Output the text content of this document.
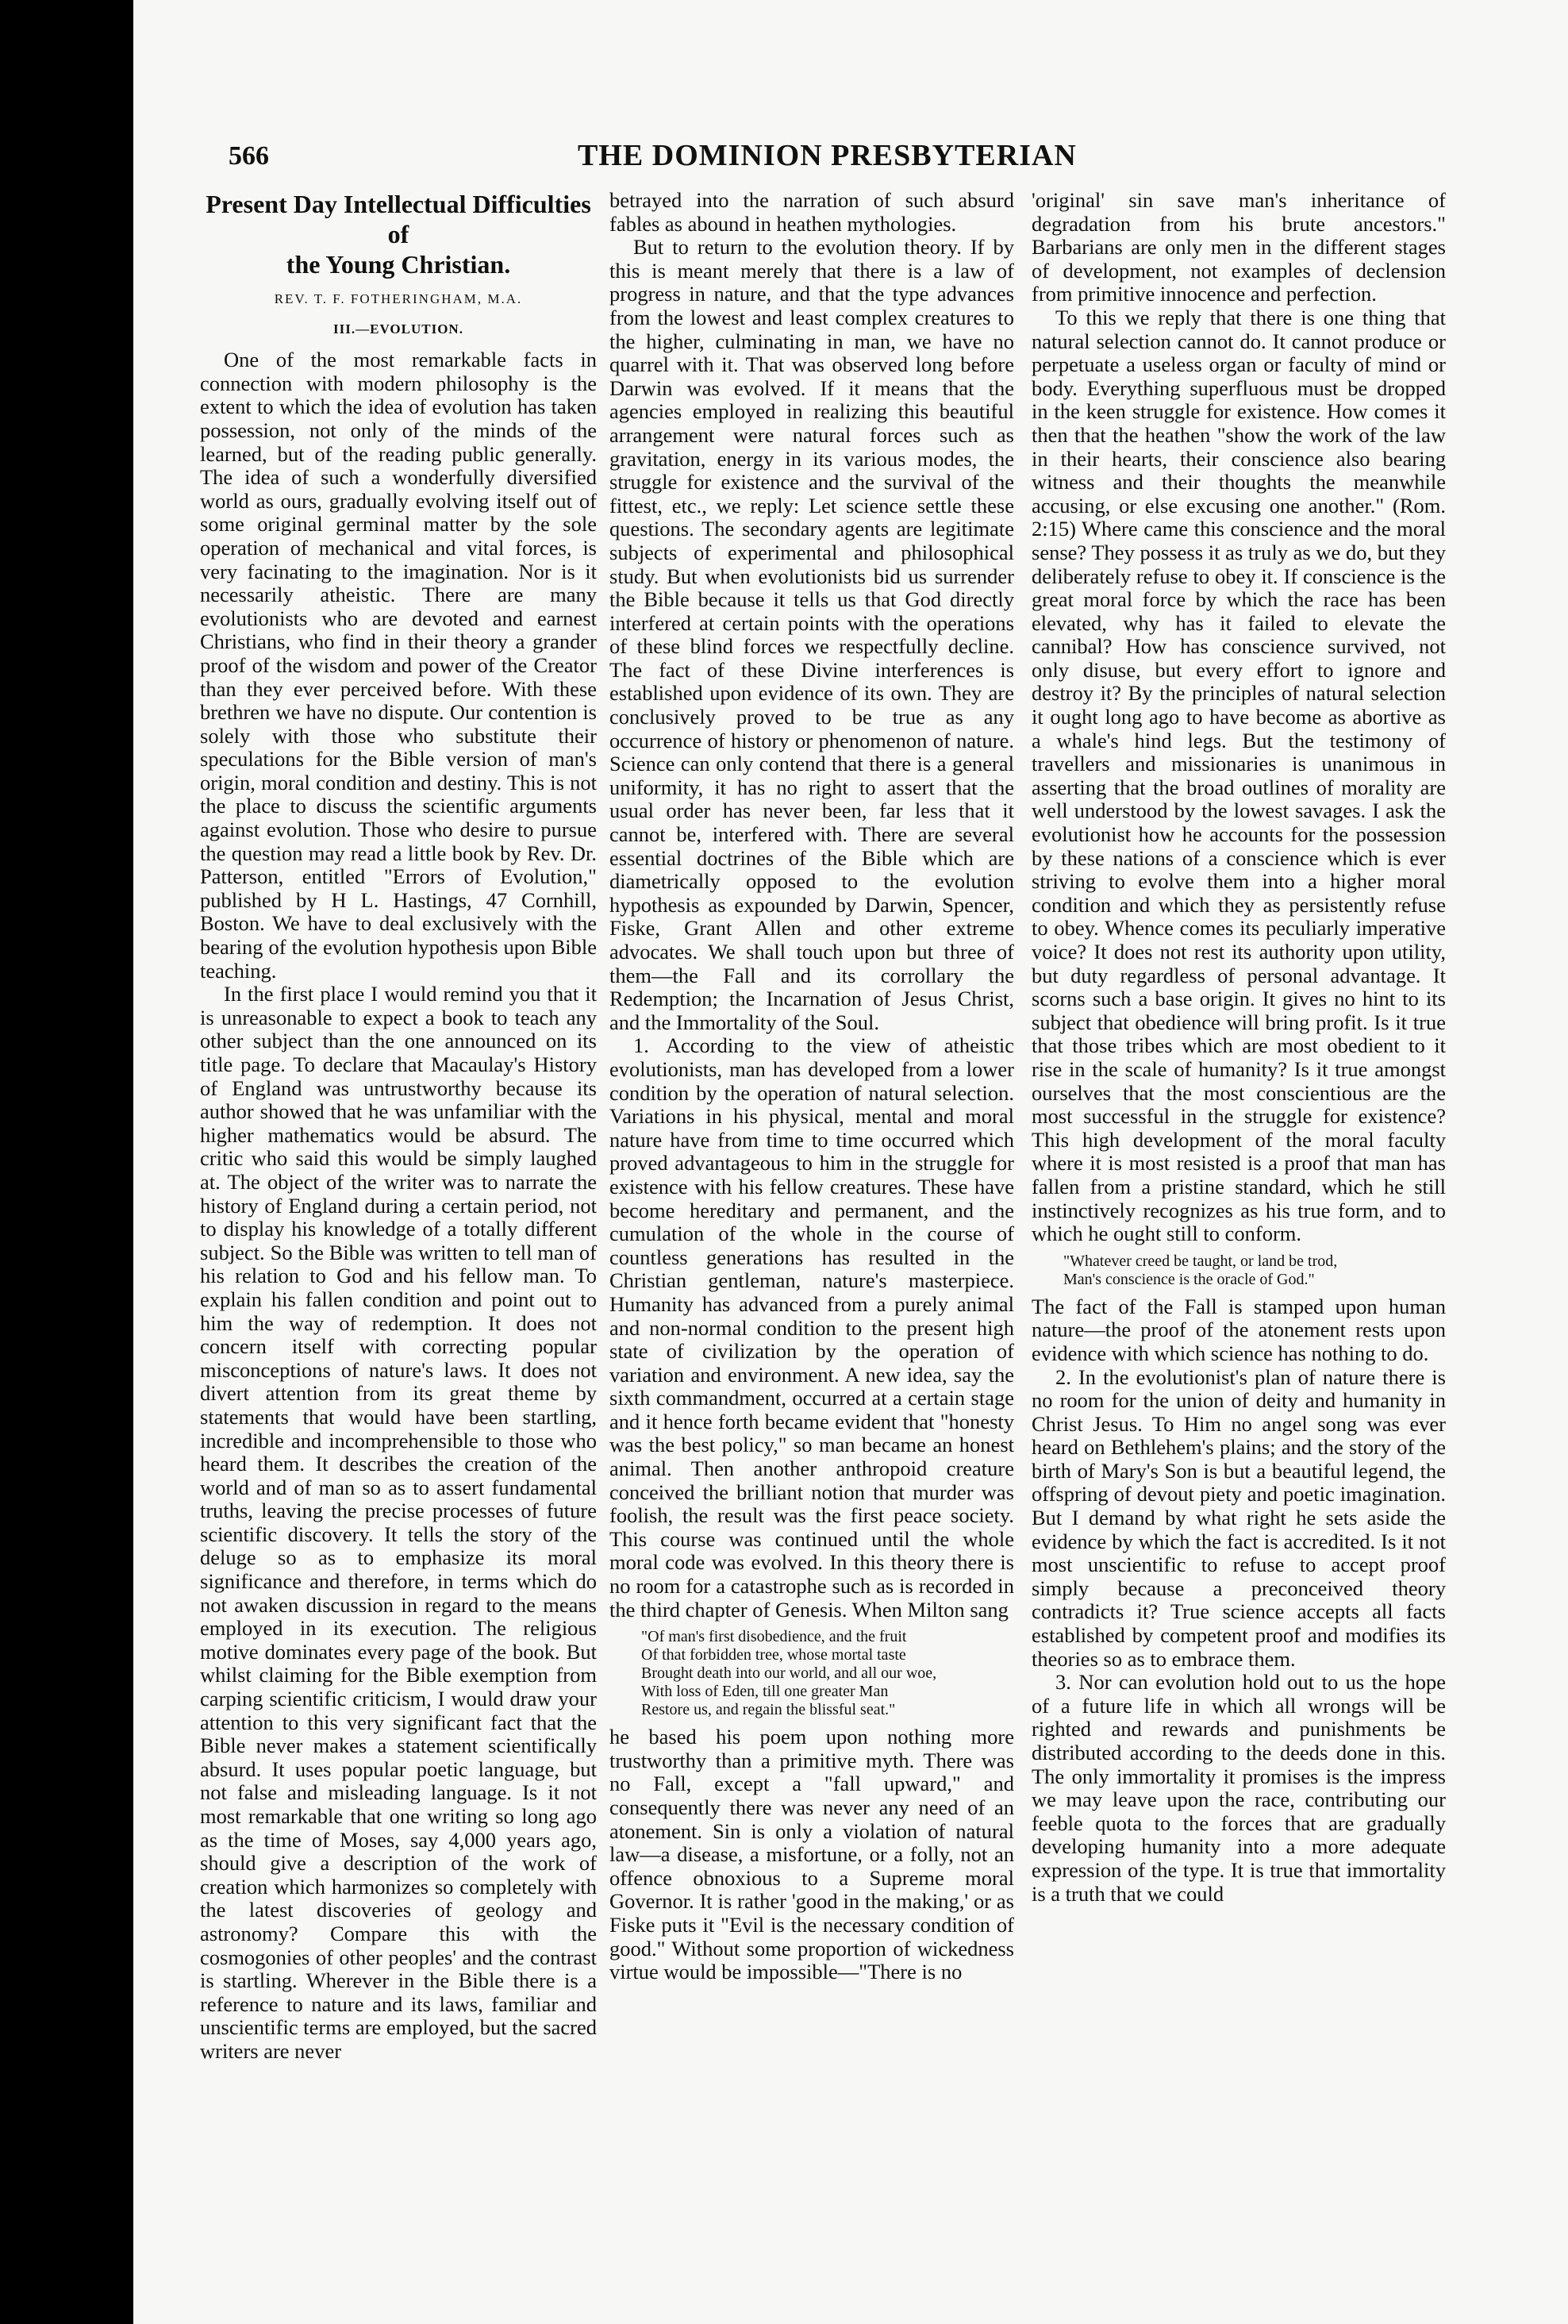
566	THE DOMINION PRESBYTERIAN
Present Day Intellectual Difficulties of
the Young Christian.
REV. T. F. FOTHERINGHAM, M.A.
III.—EVOLUTION.

One of the most remarkable facts in connection with modern philosophy is the extent to which the idea of evolution has taken possession, not only of the minds of the learned, but of the reading public generally. The idea of such a wonderfully diversified world as ours, gradually evolving itself out of some original germinal matter by the sole operation of mechanical and vital forces, is very facinating to the imagination. Nor is it necessarily atheistic. There are many evolutionists who are devoted and earnest Christians, who find in their theory a grander proof of the wisdom and power of the Creator than they ever perceived before. With these brethren we have no dispute. Our contention is solely with those who substitute their speculations for the Bible version of man's origin, moral condition and destiny. This is not the place to discuss the scientific arguments against evolution. Those who desire to pursue the question may read a little book by Rev. Dr. Patterson, entitled "Errors of Evolution," published by H L. Hastings, 47 Cornhill, Boston. We have to deal exclusively with the bearing of the evolution hypothesis upon Bible teaching.

In the first place I would remind you that it is unreasonable to expect a book to teach any other subject than the one announced on its title page. To declare that Macaulay's History of England was untrustworthy because its author showed that he was unfamiliar with the higher mathematics would be absurd. The critic who said this would be simply laughed at. The object of the writer was to narrate the history of England during a certain period, not to display his knowledge of a totally different subject. So the Bible was written to tell man of his relation to God and his fellow man. To explain his fallen condition and point out to him the way of redemption. It does not concern itself with correcting popular misconceptions of nature's laws. It does not divert attention from its great theme by statements that would have been startling, incredible and incomprehensible to those who heard them. It describes the creation of the world and of man so as to assert fundamental truths, leaving the precise processes of future scientific discovery. It tells the story of the deluge so as to emphasize its moral significance and therefore, in terms which do not awaken discussion in regard to the means employed in its execution. The religious motive dominates every page of the book. But whilst claiming for the Bible exemption from carping scientific criticism, I would draw your attention to this very significant fact that the Bible never makes a statement scientifically absurd. It uses popular poetic language, but not false and misleading language. Is it not most remarkable that one writing so long ago as the time of Moses, say 4,000 years ago, should give a description of the work of creation which harmonizes so completely with the latest discoveries of geology and astronomy? Compare this with the cosmogonies of other peoples' and the contrast is startling. Wherever in the Bible there is a reference to nature and its laws, familiar and unscientific terms are employed, but the sacred writers are never

betrayed into the narration of such absurd fables as abound in heathen mythologies.

But to return to the evolution theory. If by this is meant merely that there is a law of progress in nature, and that the type advances from the lowest and least complex creatures to the higher, culminating in man, we have no quarrel with it. That was observed long before Darwin was evolved. If it means that the agencies employed in realizing this beautiful arrangement were natural forces such as gravitation, energy in its various modes, the struggle for existence and the survival of the fittest, etc., we reply: Let science settle these questions. The secondary agents are legitimate subjects of experimental and philosophical study. But when evolutionists bid us surrender the Bible because it tells us that God directly interfered at certain points with the operations of these blind forces we respectfully decline. The fact of these Divine interferences is established upon evidence of its own. They are conclusively proved to be true as any occurrence of history or phenomenon of nature. Science can only contend that there is a general uniformity, it has no right to assert that the usual order has never been, far less that it cannot be, interfered with. There are several essential doctrines of the Bible which are diametrically opposed to the evolution hypothesis as expounded by Darwin, Spencer, Fiske, Grant Allen and other extreme advocates. We shall touch upon but three of them—the Fall and its corrollary the Redemption; the Incarnation of Jesus Christ, and the Immortality of the Soul.

1. According to the view of atheistic evolutionists, man has developed from a lower condition by the operation of natural selection. Variations in his physical, mental and moral nature have from time to time occurred which proved advantageous to him in the struggle for existence with his fellow creatures. These have become hereditary and permanent, and the cumulation of the whole in the course of countless generations has resulted in the Christian gentleman, nature's masterpiece. Humanity has advanced from a purely animal and non-normal condition to the present high state of civilization by the operation of variation and environment. A new idea, say the sixth commandment, occurred at a certain stage and it hence forth became evident that "honesty was the best policy," so man became an honest animal. Then another anthropoid creature conceived the brilliant notion that murder was foolish, the result was the first peace society. This course was continued until the whole moral code was evolved. In this theory there is no room for a catastrophe such as is recorded in the third chapter of Genesis. When Milton sang

"Of man's first disobedience, and the fruit
Of that forbidden tree, whose mortal taste
Brought death into our world, and all our woe,
With loss of Eden, till one greater Man
Restore us, and regain the blissful seat."

he based his poem upon nothing more trustworthy than a primitive myth. There was no Fall, except a "fall upward," and consequently there was never any need of an atonement. Sin is only a violation of natural law—a disease, a misfortune, or a folly, not an offence obnoxious to a Supreme moral Governor. It is rather 'good in the making,' or as Fiske puts it "Evil is the necessary condition of good." Without some proportion of wickedness virtue would be impossible—"There is no

'original' sin save man's inheritance of degradation from his brute ancestors." Barbarians are only men in the different stages of development, not examples of declension from primitive innocence and perfection.

To this we reply that there is one thing that natural selection cannot do. It cannot produce or perpetuate a useless organ or faculty of mind or body. Everything superfluous must be dropped in the keen struggle for existence. How comes it then that the heathen "show the work of the law in their hearts, their conscience also bearing witness and their thoughts the meanwhile accusing, or else excusing one another." (Rom. 2:15) Where came this conscience and the moral sense? They possess it as truly as we do, but they deliberately refuse to obey it. If conscience is the great moral force by which the race has been elevated, why has it failed to elevate the cannibal? How has conscience survived, not only disuse, but every effort to ignore and destroy it? By the principles of natural selection it ought long ago to have become as abortive as a whale's hind legs. But the testimony of travellers and missionaries is unanimous in asserting that the broad outlines of morality are well understood by the lowest savages. I ask the evolutionist how he accounts for the possession by these nations of a conscience which is ever striving to evolve them into a higher moral condition and which they as persistently refuse to obey. Whence comes its peculiarly imperative voice? It does not rest its authority upon utility, but duty regardless of personal advantage. It scorns such a base origin. It gives no hint to its subject that obedience will bring profit. Is it true that those tribes which are most obedient to it rise in the scale of humanity? Is it true amongst ourselves that the most conscientious are the most successful in the struggle for existence? This high development of the moral faculty where it is most resisted is a proof that man has fallen from a pristine standard, which he still instinctively recognizes as his true form, and to which he ought still to conform.

"Whatever creed be taught, or land be trod,
Man's conscience is the oracle of God."

The fact of the Fall is stamped upon human nature—the proof of the atonement rests upon evidence with which science has nothing to do.

2. In the evolutionist's plan of nature there is no room for the union of deity and humanity in Christ Jesus. To Him no angel song was ever heard on Bethlehem's plains; and the story of the birth of Mary's Son is but a beautiful legend, the offspring of devout piety and poetic imagination. But I demand by what right he sets aside the evidence by which the fact is accredited. Is it not most unscientific to refuse to accept proof simply because a preconceived theory contradicts it? True science accepts all facts established by competent proof and modifies its theories so as to embrace them.

3. Nor can evolution hold out to us the hope of a future life in which all wrongs will be righted and rewards and punishments be distributed according to the deeds done in this. The only immortality it promises is the impress we may leave upon the race, contributing our feeble quota to the forces that are gradually developing humanity into a more adequate expression of the type. It is true that immortality is a truth that we could
